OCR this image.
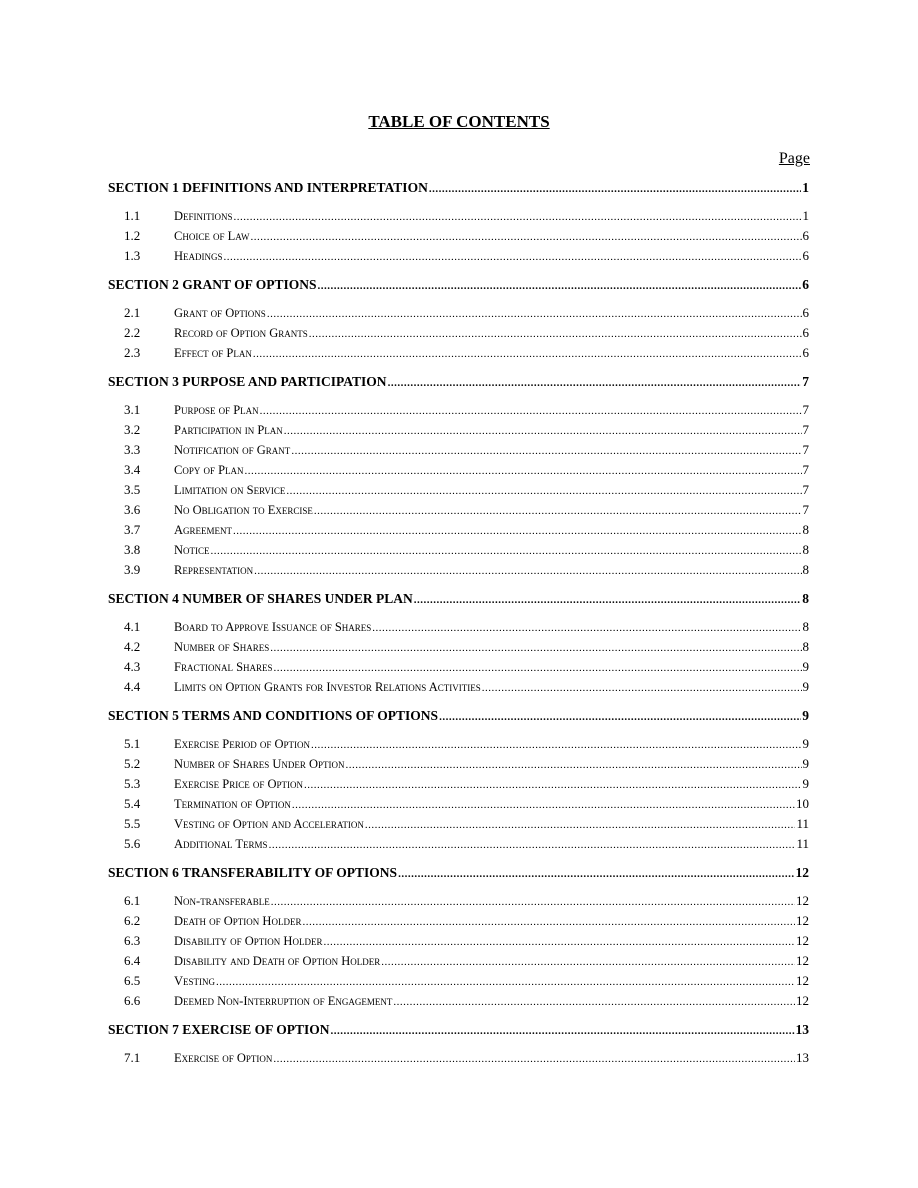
TABLE OF CONTENTS
Page
SECTION 1 DEFINITIONS AND INTERPRETATION .....	1
1.1	Definitions .....	1
1.2	Choice of Law .....	6
1.3	Headings .....	6
SECTION 2 GRANT OF OPTIONS .....	6
2.1	Grant of Options .....	6
2.2	Record of Option Grants .....	6
2.3	Effect of Plan .....	6
SECTION 3 PURPOSE AND PARTICIPATION .....	7
3.1	Purpose of Plan .....	7
3.2	Participation in Plan .....	7
3.3	Notification of Grant .....	7
3.4	Copy of Plan .....	7
3.5	Limitation on Service .....	7
3.6	No Obligation to Exercise .....	7
3.7	Agreement .....	8
3.8	Notice .....	8
3.9	Representation .....	8
SECTION 4 NUMBER OF SHARES UNDER PLAN .....	8
4.1	Board to Approve Issuance of Shares .....	8
4.2	Number of Shares .....	8
4.3	Fractional Shares .....	9
4.4	Limits on Option Grants for Investor Relations Activities .....	9
SECTION 5 TERMS AND CONDITIONS OF OPTIONS .....	9
5.1	Exercise Period of Option .....	9
5.2	Number of Shares Under Option .....	9
5.3	Exercise Price of Option .....	9
5.4	Termination of Option .....	10
5.5	Vesting of Option and Acceleration .....	11
5.6	Additional Terms .....	11
SECTION 6 TRANSFERABILITY OF OPTIONS .....	12
6.1	Non-transferable .....	12
6.2	Death of Option Holder .....	12
6.3	Disability of Option Holder .....	12
6.4	Disability and Death of Option Holder .....	12
6.5	Vesting .....	12
6.6	Deemed Non-Interruption of Engagement .....	12
SECTION 7 EXERCISE OF OPTION .....	13
7.1	Exercise of Option .....	13
